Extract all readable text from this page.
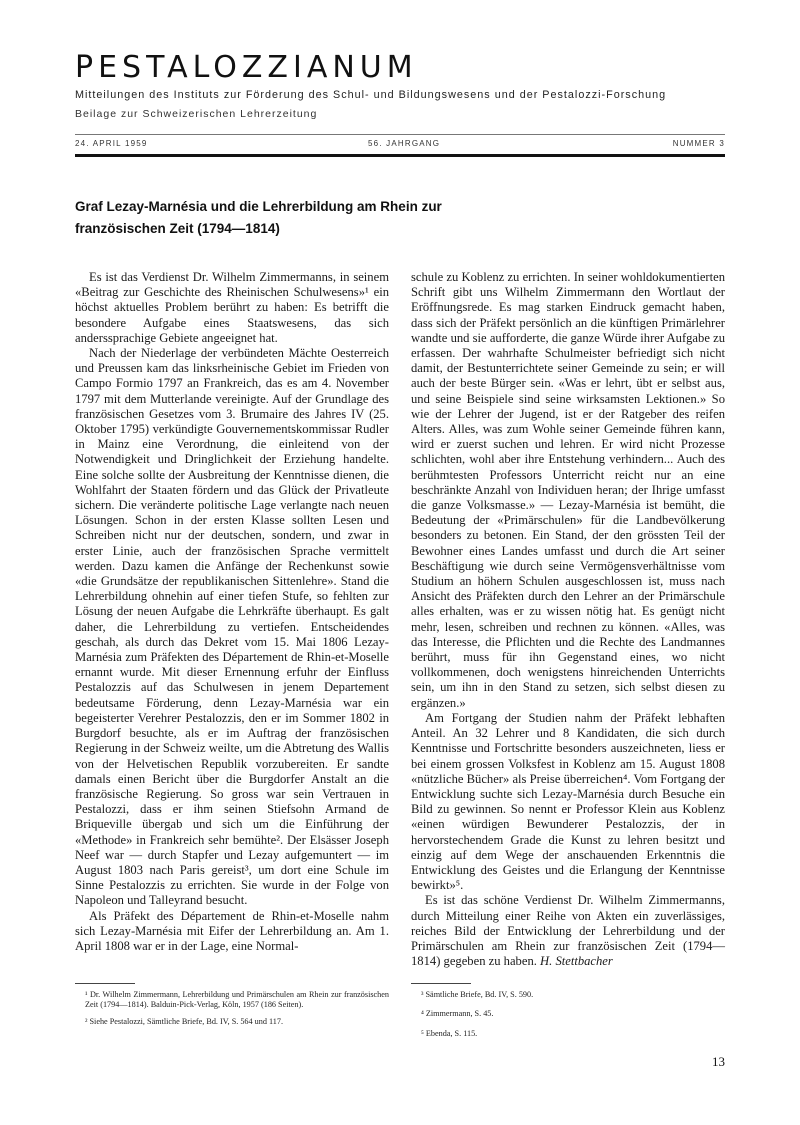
PESTALOZZIANUM
Mitteilungen des Instituts zur Förderung des Schul- und Bildungswesens und der Pestalozzi-Forschung
Beilage zur Schweizerischen Lehrerzeitung
24. APRIL 1959	56. JAHRGANG	NUMMER 3
Graf Lezay-Marnésia und die Lehrerbildung am Rhein zur französischen Zeit (1794—1814)

Es ist das Verdienst Dr. Wilhelm Zimmermanns, in seinem «Beitrag zur Geschichte des Rheinischen Schulwesens»¹ ein höchst aktuelles Problem berührt zu haben: Es betrifft die besondere Aufgabe eines Staatswesens, das sich anderssprachige Gebiete angeeignet hat.

Nach der Niederlage der verbündeten Mächte Oesterreich und Preussen kam das linksrheinische Gebiet im Frieden von Campo Formio 1797 an Frankreich, das es am 4. November 1797 mit dem Mutterlande vereinigte. Auf der Grundlage des französischen Gesetzes vom 3. Brumaire des Jahres IV (25. Oktober 1795) verkündigte Gouvernementskommissar Rudler in Mainz eine Verordnung, die einleitend von der Notwendigkeit und Dringlichkeit der Erziehung handelte. Eine solche sollte der Ausbreitung der Kenntnisse dienen, die Wohlfahrt der Staaten fördern und das Glück der Privatleute sichern. Die veränderte politische Lage verlangte nach neuen Lösungen. Schon in der ersten Klasse sollten Lesen und Schreiben nicht nur der deutschen, sondern, und zwar in erster Linie, auch der französischen Sprache vermittelt werden. Dazu kamen die Anfänge der Rechenkunst sowie «die Grundsätze der republikanischen Sittenlehre». Stand die Lehrerbildung ohnehin auf einer tiefen Stufe, so fehlten zur Lösung der neuen Aufgabe die Lehrkräfte überhaupt. Es galt daher, die Lehrerbildung zu vertiefen. Entscheidendes geschah, als durch das Dekret vom 15. Mai 1806 Lezay-Marnésia zum Präfekten des Département de Rhin-et-Moselle ernannt wurde. Mit dieser Ernennung erfuhr der Einfluss Pestalozzis auf das Schulwesen in jenem Departement bedeutsame Förderung, denn Lezay-Marnésia war ein begeisterter Verehrer Pestalozzis, den er im Sommer 1802 in Burgdorf besuchte, als er im Auftrag der französischen Regierung in der Schweiz weilte, um die Abtretung des Wallis von der Helvetischen Republik vorzubereiten. Er sandte damals einen Bericht über die Burgdorfer Anstalt an die französische Regierung. So gross war sein Vertrauen in Pestalozzi, dass er ihm seinen Stiefsohn Armand de Briqueville übergab und sich um die Einführung der «Methode» in Frankreich sehr bemühte². Der Elsässer Joseph Neef war — durch Stapfer und Lezay aufgemuntert — im August 1803 nach Paris gereist³, um dort eine Schule im Sinne Pestalozzis zu errichten. Sie wurde in der Folge von Napoleon und Talleyrand besucht.

Als Präfekt des Département de Rhin-et-Moselle nahm sich Lezay-Marnésia mit Eifer der Lehrerbildung an. Am 1. April 1808 war er in der Lage, eine Normal-

schule zu Koblenz zu errichten. In seiner wohldokumentierten Schrift gibt uns Wilhelm Zimmermann den Wortlaut der Eröffnungsrede. Es mag starken Eindruck gemacht haben, dass sich der Präfekt persönlich an die künftigen Primärlehrer wandte und sie aufforderte, die ganze Würde ihrer Aufgabe zu erfassen. Der wahrhafte Schulmeister befriedigt sich nicht damit, der Bestunterrichtete seiner Gemeinde zu sein; er will auch der beste Bürger sein. «Was er lehrt, übt er selbst aus, und seine Beispiele sind seine wirksamsten Lektionen.» So wie der Lehrer der Jugend, ist er der Ratgeber des reifen Alters. Alles, was zum Wohle seiner Gemeinde führen kann, wird er zuerst suchen und lehren. Er wird nicht Prozesse schlichten, wohl aber ihre Entstehung verhindern... Auch des berühmtesten Professors Unterricht reicht nur an eine beschränkte Anzahl von Individuen heran; der Ihrige umfasst die ganze Volksmasse.» — Lezay-Marnésia ist bemüht, die Bedeutung der «Primärschulen» für die Landbevölkerung besonders zu betonen. Ein Stand, der den grössten Teil der Bewohner eines Landes umfasst und durch die Art seiner Beschäftigung wie durch seine Vermögensverhältnisse vom Studium an höhern Schulen ausgeschlossen ist, muss nach Ansicht des Präfekten durch den Lehrer an der Primärschule alles erhalten, was er zu wissen nötig hat. Es genügt nicht mehr, lesen, schreiben und rechnen zu können. «Alles, was das Interesse, die Pflichten und die Rechte des Landmannes berührt, muss für ihn Gegenstand eines, wo nicht vollkommenen, doch wenigstens hinreichenden Unterrichts sein, um ihn in den Stand zu setzen, sich selbst diesen zu ergänzen.»

Am Fortgang der Studien nahm der Präfekt lebhaften Anteil. An 32 Lehrer und 8 Kandidaten, die sich durch Kenntnisse und Fortschritte besonders auszeichneten, liess er bei einem grossen Volksfest in Koblenz am 15. August 1808 «nützliche Bücher» als Preise überreichen⁴. Vom Fortgang der Entwicklung suchte sich Lezay-Marnésia durch Besuche ein Bild zu gewinnen. So nennt er Professor Klein aus Koblenz «einen würdigen Bewunderer Pestalozzis, der in hervorstechendem Grade die Kunst zu lehren besitzt und einzig auf dem Wege der anschauenden Erkenntnis die Entwicklung des Geistes und die Erlangung der Kenntnisse bewirkt»⁵.

Es ist das schöne Verdienst Dr. Wilhelm Zimmermanns, durch Mitteilung einer Reihe von Akten ein zuverlässiges, reiches Bild der Entwicklung der Lehrerbildung und der Primärschulen am Rhein zur französischen Zeit (1794—1814) gegeben zu haben. H. Stettbacher

¹ Dr. Wilhelm Zimmermann, Lehrerbildung und Primärschulen am Rhein zur französischen Zeit (1794—1814). Balduin-Pick-Verlag, Köln, 1957 (186 Seiten).
² Siehe Pestalozzi, Sämtliche Briefe, Bd. IV, S. 564 und 117.
³ Sämtliche Briefe, Bd. IV, S. 590.
⁴ Zimmermann, S. 45.
⁵ Ebenda, S. 115.
13
